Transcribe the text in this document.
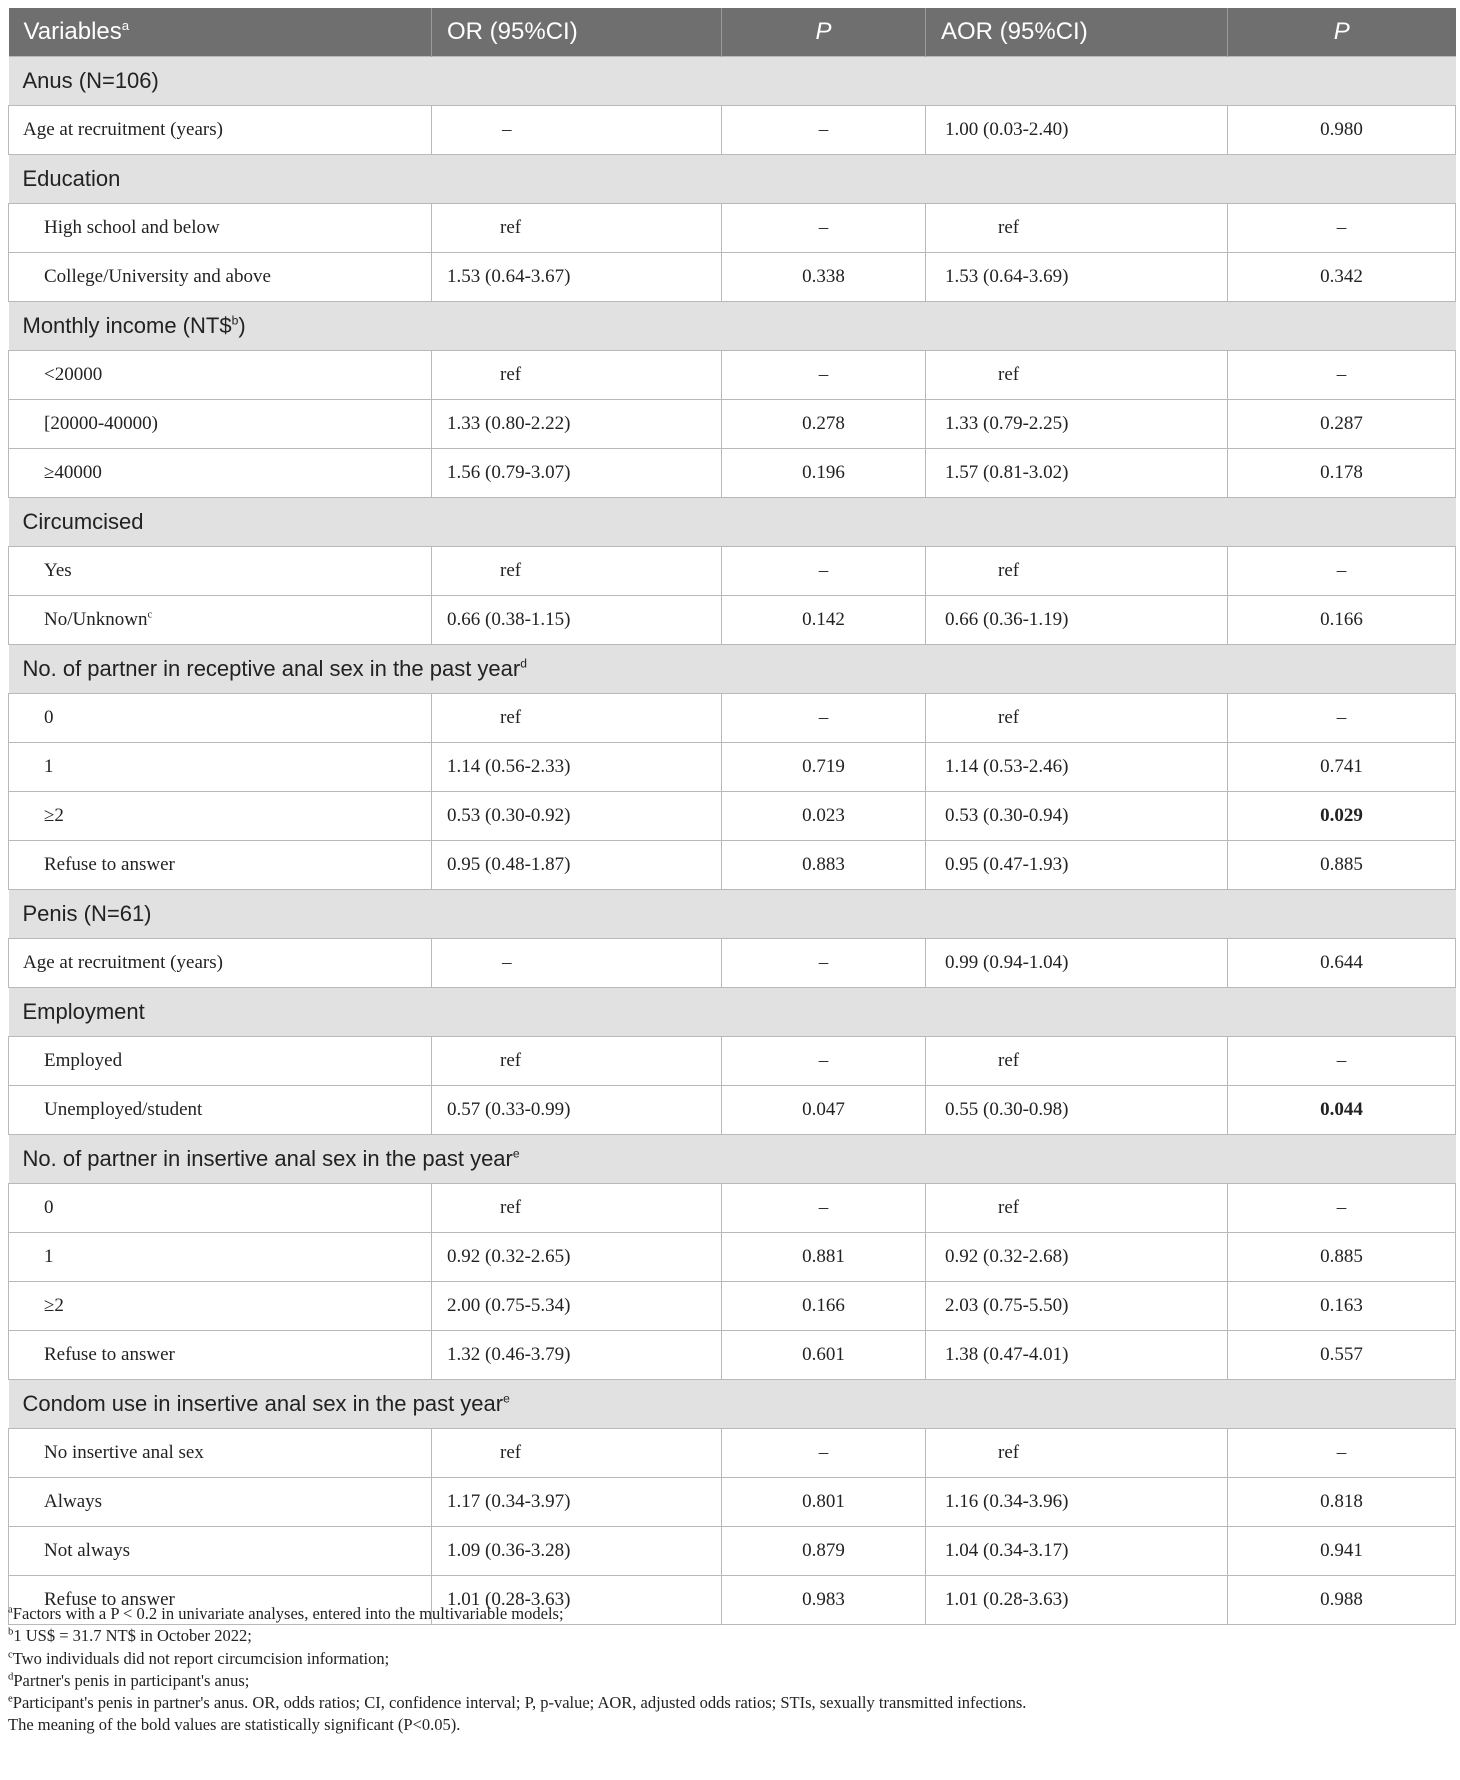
Variables$^a$	OR (95%CI)	P	AOR (95%CI)	P
Anus (N=106)				
Age at recruitment (years)	–	–	1.00 (0.03-2.40)	0.980
Education				
High school and below	ref	–	ref	–
College/University and above	1.53 (0.64-3.67)	0.338	1.53 (0.64-3.69)	0.342
Monthly income (NT\$$^b$)				
<20000	ref	–	ref	–
[20000-40000)	1.33 (0.80-2.22)	0.278	1.33 (0.79-2.25)	0.287
≥40000	1.56 (0.79-3.07)	0.196	1.57 (0.81-3.02)	0.178
Circumcised				
Yes	ref	–	ref	–
No/Unknown$^c$	0.66 (0.38-1.15)	0.142	0.66 (0.36-1.19)	0.166
No. of partner in receptive anal sex in the past year$^d$
0	ref	–	ref	–
1	1.14 (0.56-2.33)	0.719	1.14 (0.53-2.46)	0.741
≥2	0.53 (0.30-0.92)	0.023	0.53 (0.30-0.94)	0.029
Refuse to answer	0.95 (0.48-1.87)	0.883	0.95 (0.47-1.93)	0.885
Penis (N=61)				
Age at recruitment (years)	–	–	0.99 (0.94-1.04)	0.644
Employment				
Employed	ref	–	ref	–
Unemployed/student	0.57 (0.33-0.99)	0.047	0.55 (0.30-0.98)	0.044
No. of partner in insertive anal sex in the past year$^e$
0	ref	–	ref	–
1	0.92 (0.32-2.65)	0.881	0.92 (0.32-2.68)	0.885
≥2	2.00 (0.75-5.34)	0.166	2.03 (0.75-5.50)	0.163
Refuse to answer	1.32 (0.46-3.79)	0.601	1.38 (0.47-4.01)	0.557
Condom use in insertive anal sex in the past year$^e$
No insertive anal sex	ref	–	ref	–
Always	1.17 (0.34-3.97)	0.801	1.16 (0.34-3.96)	0.818
Not always	1.09 (0.36-3.28)	0.879	1.04 (0.34-3.17)	0.941
Refuse to answer	1.01 (0.28-3.63)	0.983	1.01 (0.28-3.63)	0.988
$^a$Factors with a P < 0.2 in univariate analyses, entered into the multivariable models;
$^b$1 US$ = 31.7 NT$ in October 2022;
$^c$Two individuals did not report circumcision information;
$^d$Partner's penis in participant's anus;
$^e$Participant's penis in partner's anus. OR, odds ratios; CI, confidence interval; P, p-value; AOR, adjusted odds ratios; STIs, sexually transmitted infections.
The meaning of the bold values are statistically significant (P<0.05).
